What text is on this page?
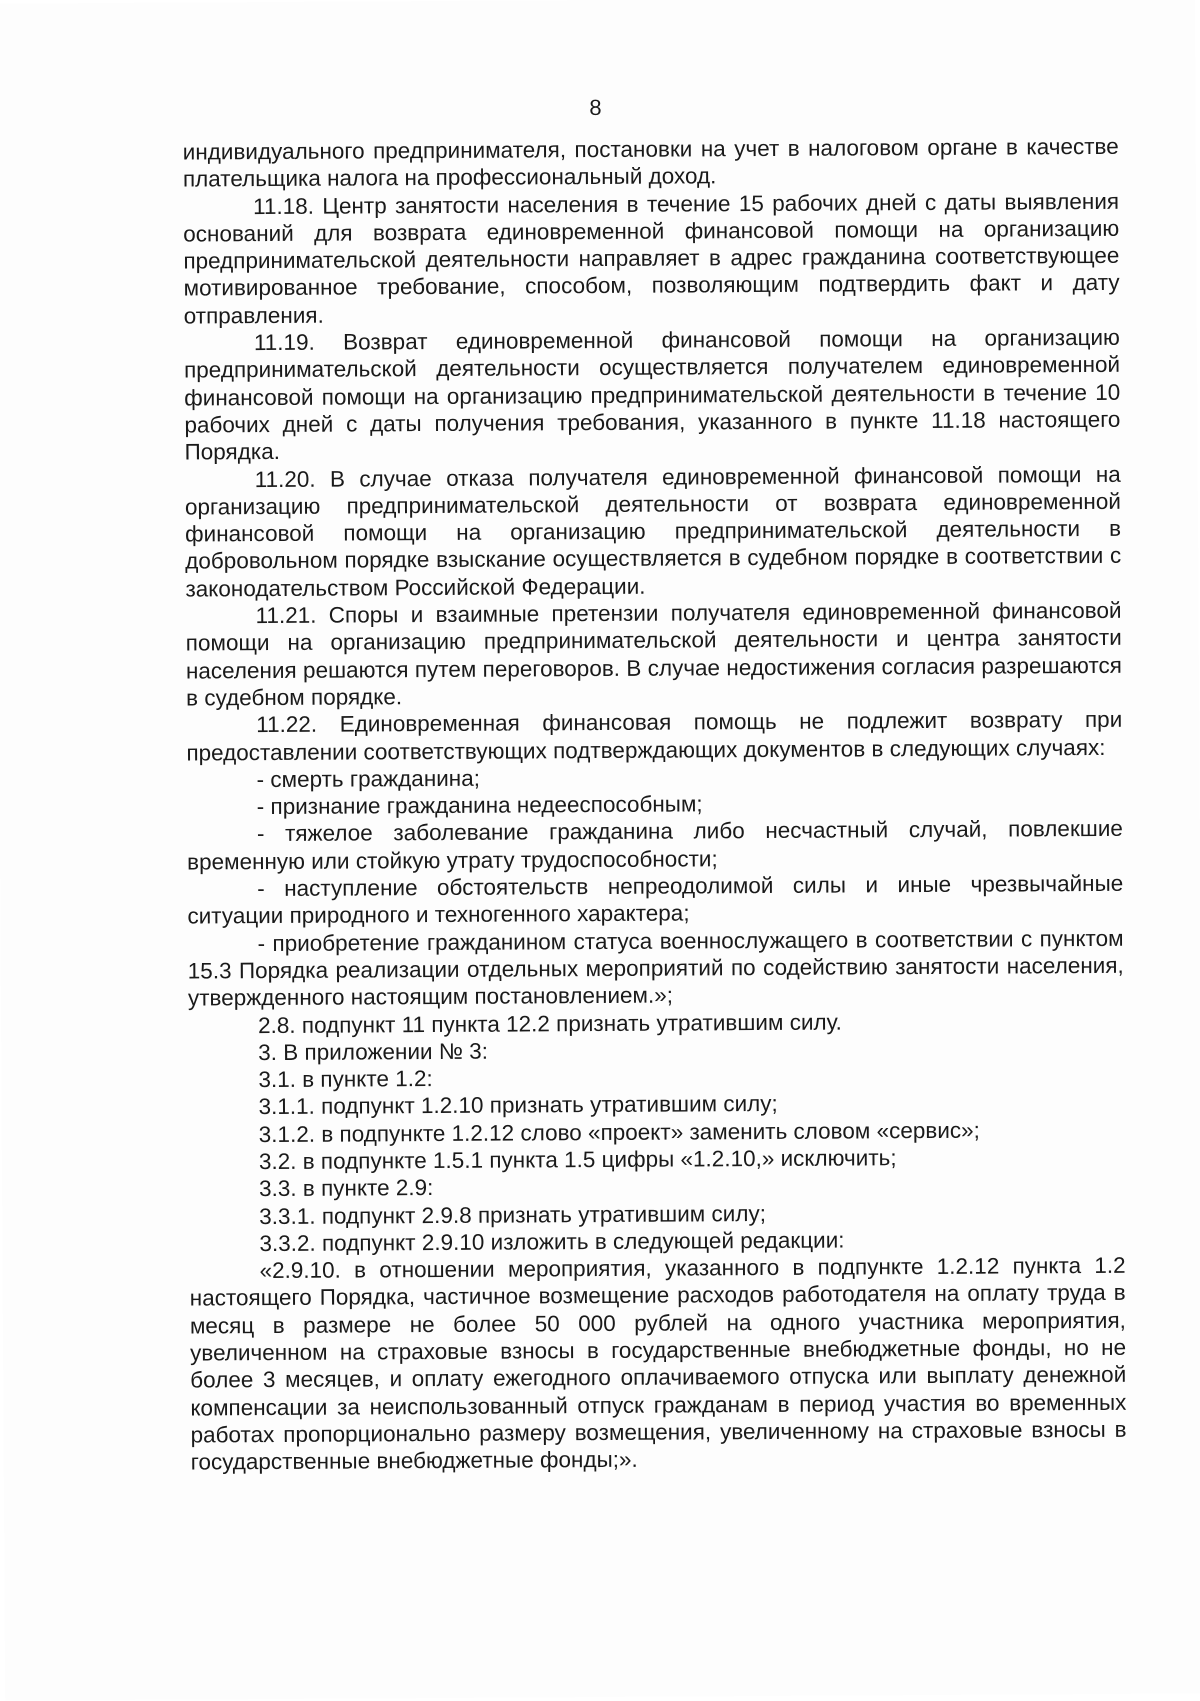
8

индивидуального предпринимателя, постановки на учет в налоговом органе в качестве плательщика налога на профессиональный доход.

11.18. Центр занятости населения в течение 15 рабочих дней с даты выявления оснований для возврата единовременной финансовой помощи на организацию предпринимательской деятельности направляет в адрес гражданина соответствующее мотивированное требование, способом, позволяющим подтвердить факт и дату отправления.

11.19. Возврат единовременной финансовой помощи на организацию предпринимательской деятельности осуществляется получателем единовременной финансовой помощи на организацию предпринимательской деятельности в течение 10 рабочих дней с даты получения требования, указанного в пункте 11.18 настоящего Порядка.

11.20. В случае отказа получателя единовременной финансовой помощи на организацию предпринимательской деятельности от возврата единовременной финансовой помощи на организацию предпринимательской деятельности в добровольном порядке взыскание осуществляется в судебном порядке в соответствии с законодательством Российской Федерации.

11.21. Споры и взаимные претензии получателя единовременной финансовой помощи на организацию предпринимательской деятельности и центра занятости населения решаются путем переговоров. В случае недостижения согласия разрешаются в судебном порядке.

11.22. Единовременная финансовая помощь не подлежит возврату при предоставлении соответствующих подтверждающих документов в следующих случаях:

- смерть гражданина;

- признание гражданина недееспособным;

- тяжелое заболевание гражданина либо несчастный случай, повлекшие временную или стойкую утрату трудоспособности;

- наступление обстоятельств непреодолимой силы и иные чрезвычайные ситуации природного и техногенного характера;

- приобретение гражданином статуса военнослужащего в соответствии с пунктом 15.3 Порядка реализации отдельных мероприятий по содействию занятости населения, утвержденного настоящим постановлением.»;

2.8. подпункт 11 пункта 12.2 признать утратившим силу.

3. В приложении № 3:

3.1. в пункте 1.2:

3.1.1. подпункт 1.2.10 признать утратившим силу;

3.1.2. в подпункте 1.2.12 слово «проект» заменить словом «сервис»;

3.2. в подпункте 1.5.1 пункта 1.5 цифры «1.2.10,» исключить;

3.3. в пункте 2.9:

3.3.1. подпункт 2.9.8 признать утратившим силу;

3.3.2. подпункт 2.9.10 изложить в следующей редакции:

«2.9.10. в отношении мероприятия, указанного в подпункте 1.2.12 пункта 1.2 настоящего Порядка, частичное возмещение расходов работодателя на оплату труда в месяц в размере не более 50 000 рублей на одного участника мероприятия, увеличенном на страховые взносы в государственные внебюджетные фонды, но не более 3 месяцев, и оплату ежегодного оплачиваемого отпуска или выплату денежной компенсации за неиспользованный отпуск гражданам в период участия во временных работах пропорционально размеру возмещения, увеличенному на страховые взносы в государственные внебюджетные фонды;».
